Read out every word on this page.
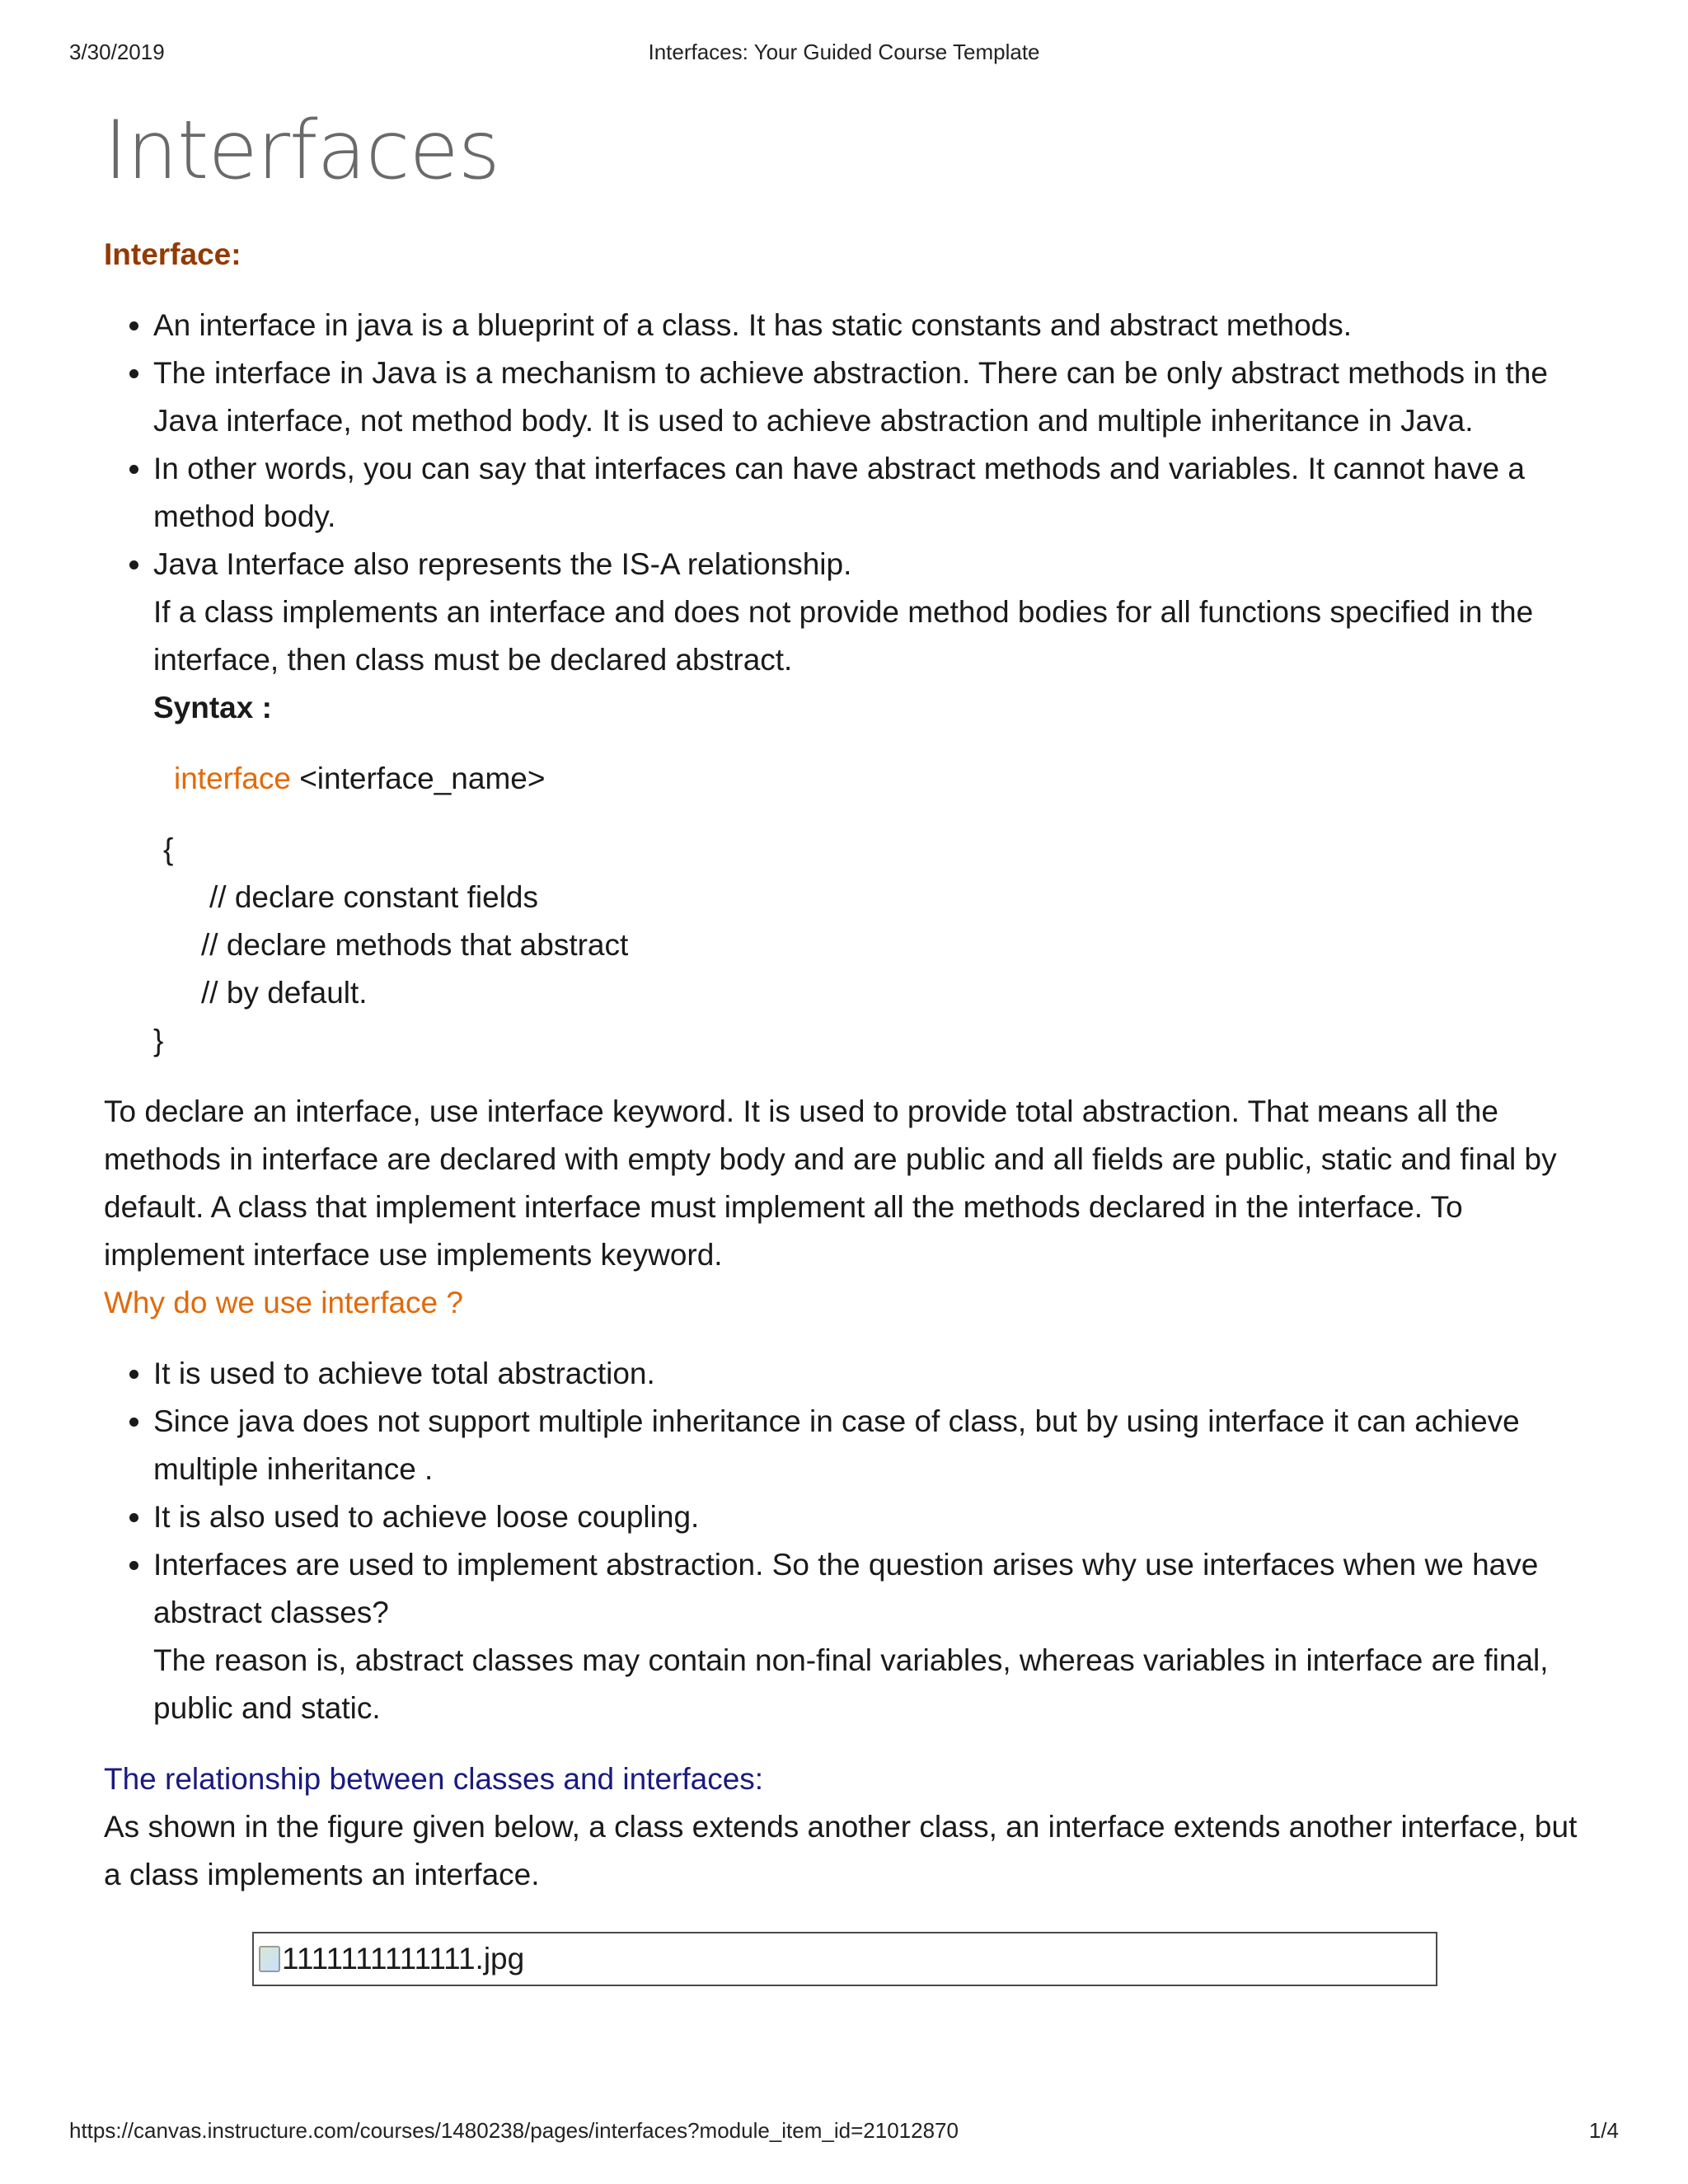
3/30/2019	Interfaces: Your Guided Course Template
Interfaces
Interface:
• An interface in java is a blueprint of a class. It has static constants and abstract methods.
• The interface in Java is a mechanism to achieve abstraction. There can be only abstract methods in the Java interface, not method body. It is used to achieve abstraction and multiple inheritance in Java.
• In other words, you can say that interfaces can have abstract methods and variables. It cannot have a method body.
• Java Interface also represents the IS-A relationship.
If a class implements an interface and does not provide method bodies for all functions specified in the interface, then class must be declared abstract.
Syntax :
interface <interface_name>
{
// declare constant fields
// declare methods that abstract
// by default.
}

To declare an interface, use interface keyword. It is used to provide total abstraction. That means all the methods in interface are declared with empty body and are public and all fields are public, static and final by default. A class that implement interface must implement all the methods declared in the interface. To implement interface use implements keyword.

Why do we use interface ?
• It is used to achieve total abstraction.
• Since java does not support multiple inheritance in case of class, but by using interface it can achieve multiple inheritance .
• It is also used to achieve loose coupling.
• Interfaces are used to implement abstraction. So the question arises why use interfaces when we have abstract classes?
The reason is, abstract classes may contain non-final variables, whereas variables in interface are final, public and static.
The relationship between classes and interfaces:
As shown in the figure given below, a class extends another class, an interface extends another interface, but a class implements an interface.
1111111111111.jpg
https://canvas.instructure.com/courses/1480238/pages/interfaces?module_item_id=21012870	1/4
